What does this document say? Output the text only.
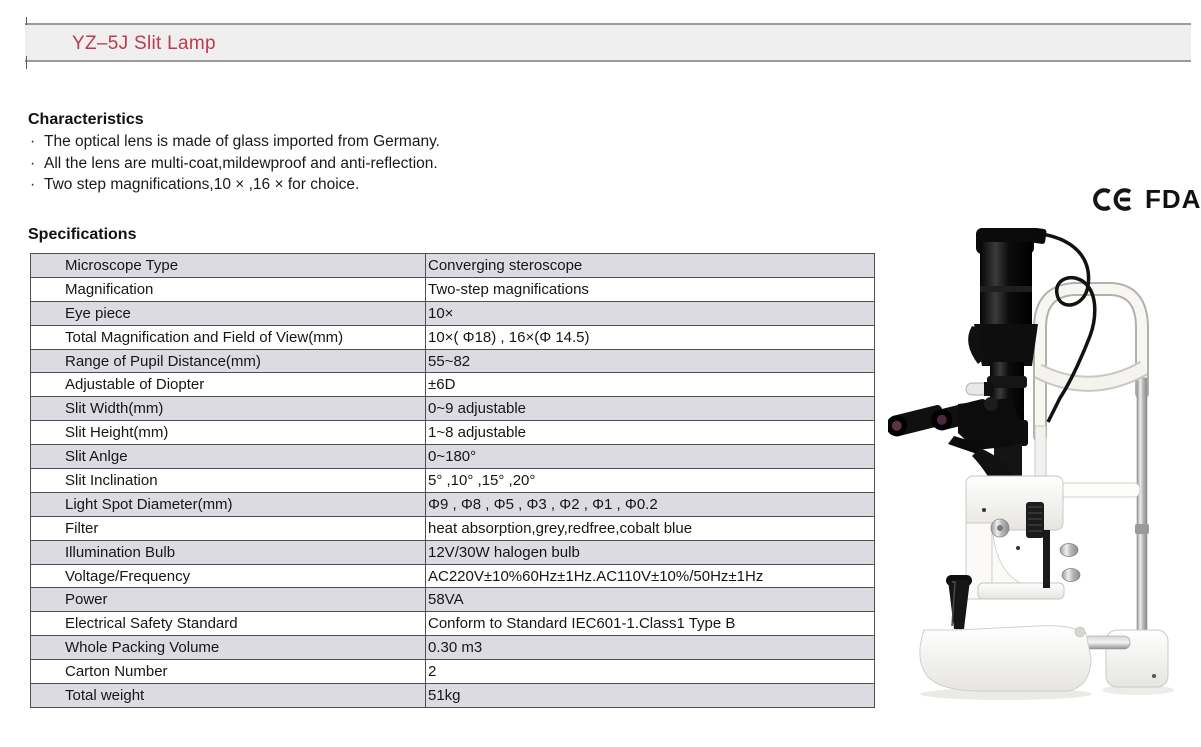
YZ–5J Slit Lamp
Characteristics
· The optical lens is made of glass imported from Germany.
· All the lens are multi-coat,mildewproof and anti-reflection.
· Two step magnifications,10 × ,16 × for choice.	FDA
Specifications
Microscope Type	Converging steroscope
Magnification	Two-step magnifications
Eye piece	10×
Total Magnification and Field of View(mm)	10×( Φ18) , 16×(Φ 14.5)
Range of Pupil Distance(mm)	55~82
Adjustable of Diopter	±6D
Slit Width(mm)	0~9 adjustable
Slit Height(mm)	1~8 adjustable
Slit Anlge	0~180°
Slit Inclination	5° ,10° ,15° ,20°
Light Spot Diameter(mm)	Φ9 , Φ8 , Φ5 , Φ3 , Φ2 , Φ1 , Φ0.2
Filter	heat absorption,grey,redfree,cobalt blue
Illumination Bulb	12V/30W halogen bulb
Voltage/Frequency	AC220V±10%60Hz±1Hz.AC110V±10%/50Hz±1Hz
Power	58VA
Electrical Safety Standard	Conform to Standard IEC601-1.Class1 Type B
Whole Packing Volume	0.30 m3
Carton Number	2
Total weight	51kg
